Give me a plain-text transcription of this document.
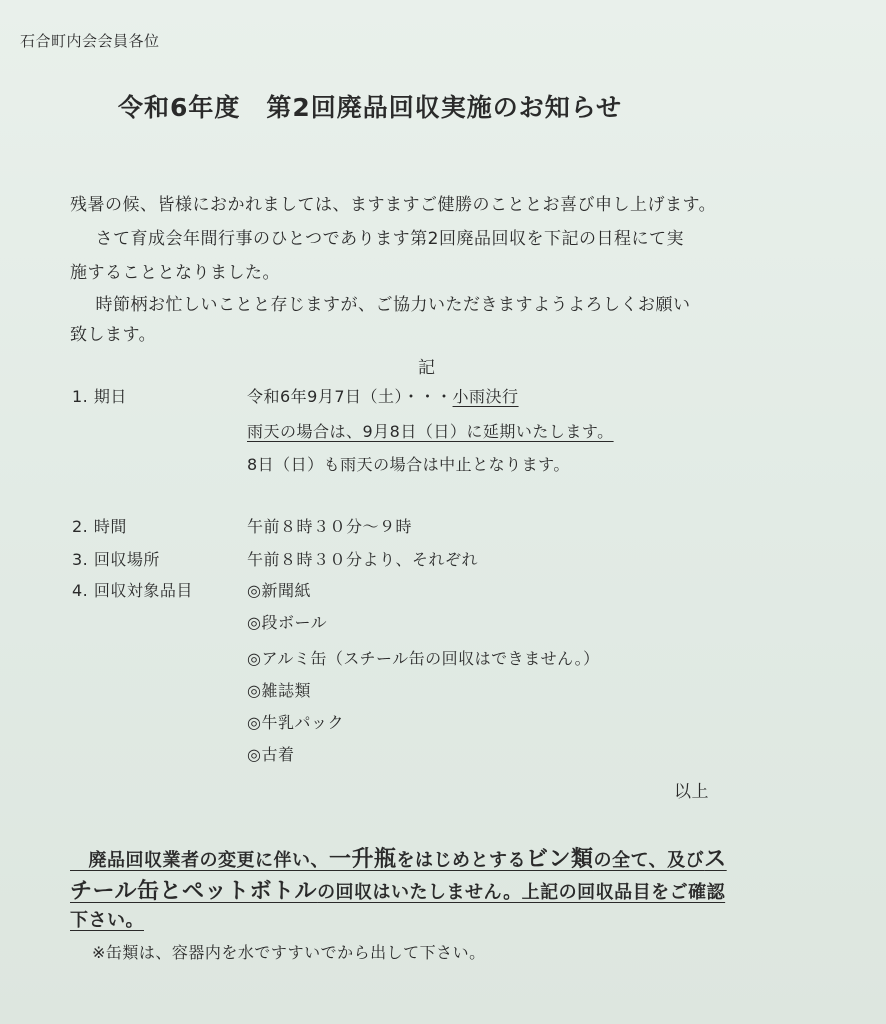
石合町内会会員各位
令和6年度　第2回廃品回収実施のお知らせ
残暑の候、皆様におかれましては、ますますご健勝のこととお喜び申し上げます。
　さて育成会年間行事のひとつであります第2回廃品回収を下記の日程にて実
施することとなりました。
　時節柄お忙しいことと存じますが、ご協力いただきますようよろしくお願い
致します。
記
1. 期日	令和6年9月7日（土）・・・小雨決行
雨天の場合は、9月8日（日）に延期いたします。
8日（日）も雨天の場合は中止となります。
2. 時間	午前８時３０分～９時
3. 回収場所	午前８時３０分より、それぞれ
4. 回収対象品目	◎新聞紙
◎段ボール
◎アルミ缶（スチール缶の回収はできません。）
◎雑誌類
◎牛乳パック
◎古着
以上
　廃品回収業者の変更に伴い、一升瓶をはじめとするビン類の全て、及びス
チール缶とペットボトルの回収はいたしません。上記の回収品目をご確認
下さい。
※缶類は、容器内を水ですすいでから出して下さい。
